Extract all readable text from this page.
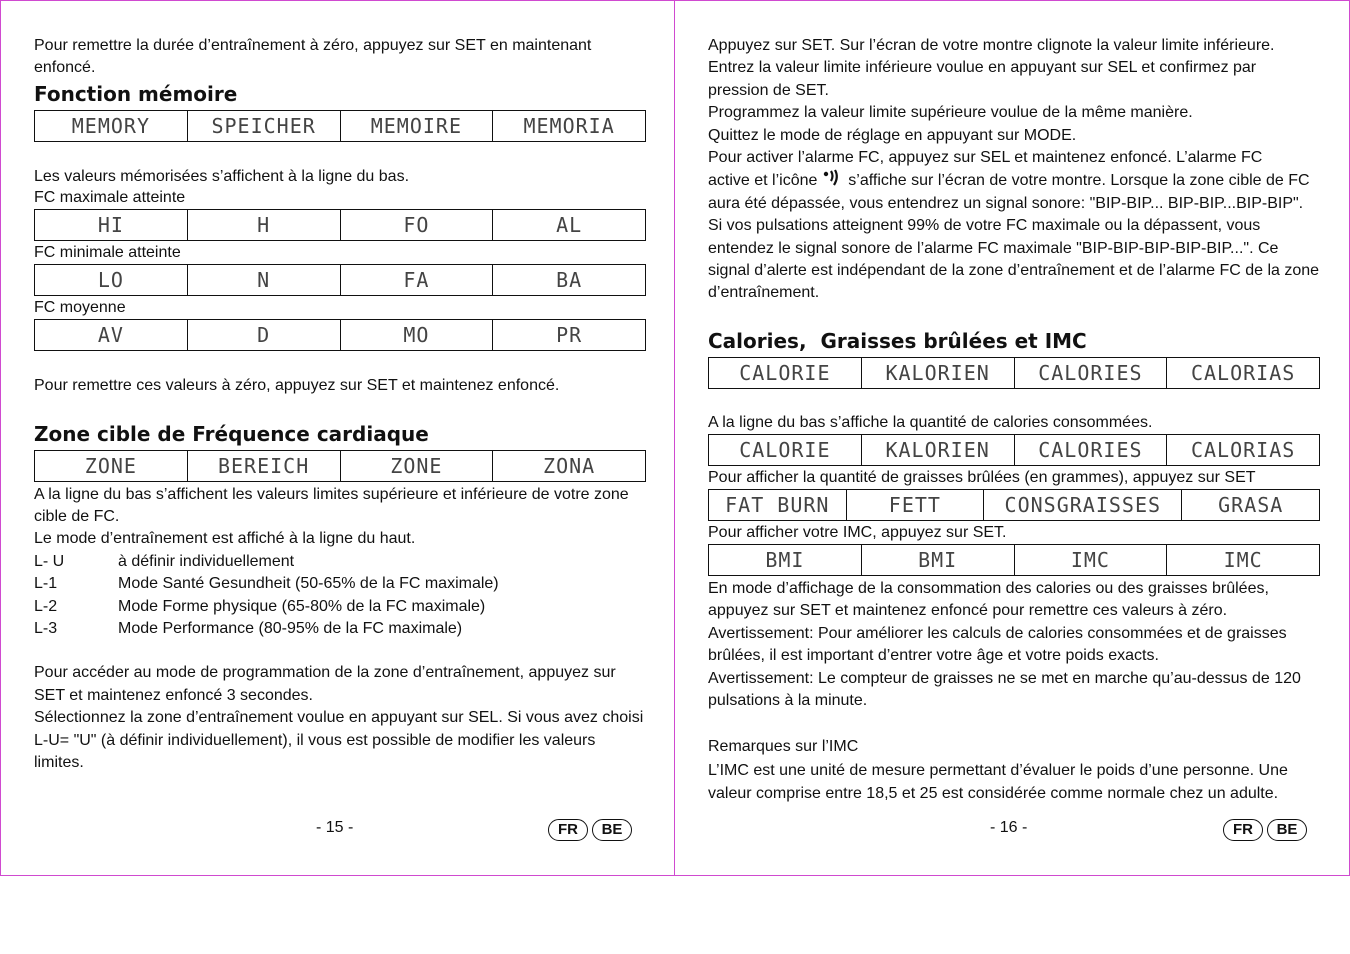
Pour remettre la durée d’entraînement à zéro, appuyez sur SET en maintenant enfoncé.

Fonction mémoire
MEMORY	SPEICHER	MEMOIRE	MEMORIA

Les valeurs mémorisées s’affichent à la ligne du bas.

FC maximale atteinte

HI	H	FO	AL

FC minimale atteinte

LO	N	FA	BA

FC moyenne

AV	D	MO	PR

Pour remettre ces valeurs à zéro, appuyez sur SET et maintenez enfoncé.

Zone cible de Fréquence cardiaque
ZONE	BEREICH	ZONE	ZONA

A la ligne du bas s’affichent les valeurs limites supérieure et inférieure de votre zone cible de FC.

Le mode d’entraînement est affiché à la ligne du haut.

L- U	à définir individuellement
L-1	Mode Santé Gesundheit (50-65% de la FC maximale)
L-2	Mode Forme physique (65-80% de la FC maximale)
L-3	Mode Performance (80-95% de la FC maximale)

Pour accéder au mode de programmation de la zone d’entraînement, appuyez sur SET et maintenez enfoncé 3 secondes.

Sélectionnez la zone d’entraînement voulue en appuyant sur SEL. Si vous avez choisi L-U= "U" (à définir individuellement), il vous est possible de modifier les valeurs limites.

- 15 -	FR	BE

Appuyez sur SET. Sur l’écran de votre montre clignote la valeur limite inférieure.

Entrez la valeur limite inférieure voulue en appuyant sur SEL et confirmez par pression de SET.

Programmez la valeur limite supérieure voulue de la même manière.

Quittez le mode de réglage en appuyant sur MODE.

Pour activer l’alarme FC, appuyez sur SEL et maintenez enfoncé. L’alarme FC

active et l’icône s’affiche sur l’écran de votre montre. Lorsque la zone cible de FC aura été dépassée, vous entendrez un signal sonore: "BIP-BIP... BIP-BIP...BIP-BIP". Si vos pulsations atteignent 99% de votre FC maximale ou la dépassent, vous entendez le signal sonore de l’alarme FC maximale "BIP-BIP-BIP-BIP-BIP...". Ce signal d’alerte est indépendant de la zone d’entraînement et de l’alarme FC de la zone d’entraînement.

Calories,  Graisses brûlées et IMC
CALORIE	KALORIEN	CALORIES	CALORIAS

A la ligne du bas s’affiche la quantité de calories consommées.

CALORIE	KALORIEN	CALORIES	CALORIAS

Pour afficher la quantité de graisses brûlées (en grammes), appuyez sur SET

FAT BURN	FETT	CONSGRAISSES	GRASA

Pour afficher votre IMC, appuyez sur SET.

BMI	BMI	IMC	IMC

En mode d’affichage de la consommation des calories ou des graisses brûlées, appuyez sur SET et maintenez enfoncé pour remettre ces valeurs à zéro.

Avertissement: Pour améliorer les calculs de calories consommées et de graisses brûlées, il est important d’entrer votre âge et votre poids exacts.

Avertissement: Le compteur de graisses ne se met en marche qu’au-dessus de 120 pulsations à la minute.

Remarques sur l’IMC

L’IMC est une unité de mesure permettant d’évaluer le poids d’une personne. Une valeur comprise entre 18,5 et 25 est considérée comme normale chez un adulte.

- 16 -	FR	BE
